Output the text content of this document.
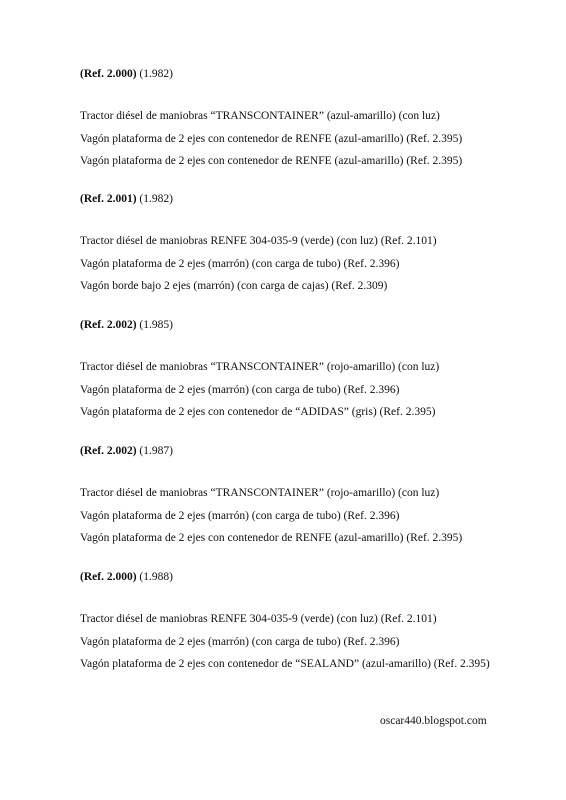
(Ref. 2.000) (1.982)

Tractor diésel de maniobras “TRANSCONTAINER” (azul-amarillo) (con luz)
Vagón plataforma de 2 ejes con contenedor de RENFE (azul-amarillo) (Ref. 2.395)
Vagón plataforma de 2 ejes con contenedor de RENFE (azul-amarillo) (Ref. 2.395)

(Ref. 2.001) (1.982)

Tractor diésel de maniobras RENFE 304-035-9 (verde) (con luz) (Ref. 2.101)
Vagón plataforma de 2 ejes (marrón) (con carga de tubo) (Ref. 2.396)
Vagón borde bajo 2 ejes (marrón) (con carga de cajas) (Ref. 2.309)

(Ref. 2.002) (1.985)

Tractor diésel de maniobras “TRANSCONTAINER” (rojo-amarillo) (con luz)
Vagón plataforma de 2 ejes (marrón) (con carga de tubo) (Ref. 2.396)
Vagón plataforma de 2 ejes con contenedor de “ADIDAS” (gris) (Ref. 2.395)

(Ref. 2.002) (1.987)

Tractor diésel de maniobras “TRANSCONTAINER” (rojo-amarillo) (con luz)
Vagón plataforma de 2 ejes (marrón) (con carga de tubo) (Ref. 2.396)
Vagón plataforma de 2 ejes con contenedor de RENFE (azul-amarillo) (Ref. 2.395)

(Ref. 2.000) (1.988)

Tractor diésel de maniobras RENFE 304-035-9 (verde) (con luz) (Ref. 2.101)
Vagón plataforma de 2 ejes (marrón) (con carga de tubo) (Ref. 2.396)
Vagón plataforma de 2 ejes con contenedor de “SEALAND” (azul-amarillo) (Ref. 2.395)
oscar440.blogspot.com
